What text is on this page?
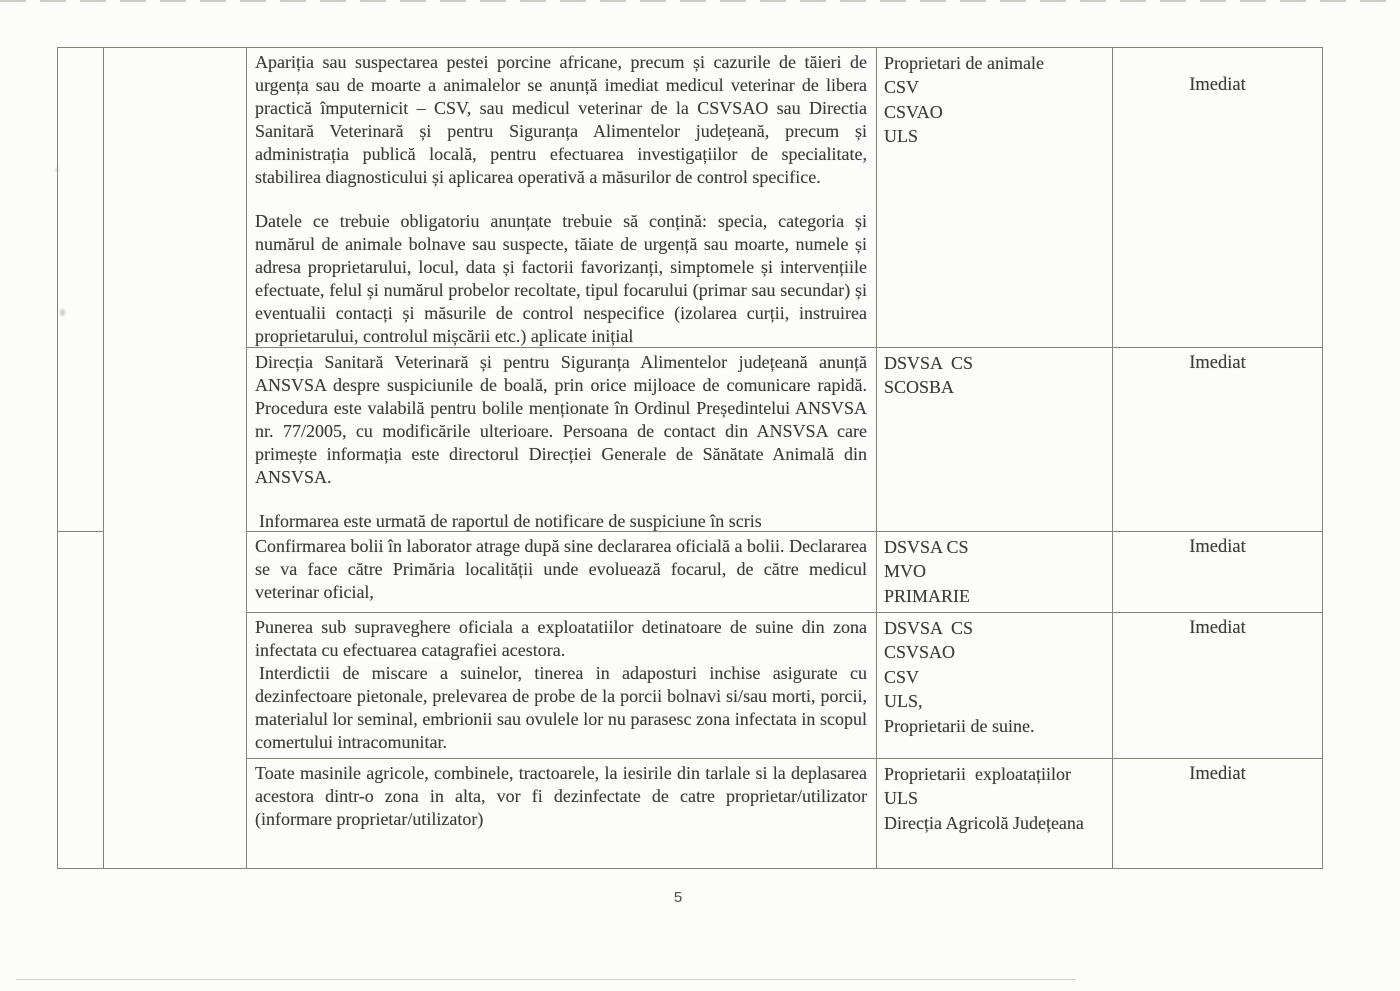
Apariția sau suspectarea pestei porcine africane, precum și cazurile de tăieri de urgența sau de moarte a animalelor se anunță imediat medicul veterinar de libera practică împuternicit – CSV, sau medicul veterinar de la CSVSAO sau Directia Sanitară Veterinară și pentru Siguranța Alimentelor județeană, precum și administrația publică locală, pentru efectuarea investigațiilor de specialitate, stabilirea diagnosticului și aplicarea operativă a măsurilor de control specifice.

Datele ce trebuie obligatoriu anunțate trebuie să conțină: specia, categoria și numărul de animale bolnave sau suspecte, tăiate de urgență sau moarte, numele și adresa proprietarului, locul, data și factorii favorizanți, simptomele și intervențiile efectuate, felul și numărul probelor recoltate, tipul focarului (primar sau secundar) și eventualii contacți și măsurile de control nespecifice (izolarea curții, instruirea proprietarului, controlul mișcării etc.) aplicate inițial

Proprietari de animale
CSV
CSVAO
ULS
Imediat

Direcția Sanitară Veterinară și pentru Siguranța Alimentelor județeană anunță ANSVSA despre suspiciunile de boală, prin orice mijloace de comunicare rapidă. Procedura este valabilă pentru bolile menționate în Ordinul Președintelui ANSVSA nr. 77/2005, cu modificările ulterioare. Persoana de contact din ANSVSA care primește informația este directorul Direcției Generale de Sănătate Animală din ANSVSA.

Informarea este urmată de raportul de notificare de suspiciune în scris

DSVSA  CS
SCOSBA
Imediat

Confirmarea bolii în laborator atrage după sine declararea oficială a bolii. Declararea se va face către Primăria localității unde evoluează focarul, de către medicul veterinar oficial,

DSVSA CS
MVO
PRIMARIE
Imediat

Punerea sub supraveghere oficiala a exploatatiilor detinatoare de suine din zona infectata cu efectuarea catagrafiei acestora.

Interdictii de miscare a suinelor, tinerea in adaposturi inchise asigurate cu dezinfectoare pietonale, prelevarea de probe de la porcii bolnavi si/sau morti, porcii, materialul lor seminal, embrionii sau ovulele lor nu parasesc zona infectata in scopul comertului intracomunitar.

DSVSA  CS
CSVSAO
CSV
ULS,
Proprietarii de suine.
Imediat

Toate masinile agricole, combinele, tractoarele, la iesirile din tarlale si la deplasarea acestora dintr-o zona in alta, vor fi dezinfectate de catre proprietar/utilizator (informare proprietar/utilizator)

Proprietarii  exploatațiilor
ULS
Direcția Agricolă Județeana
Imediat
5
